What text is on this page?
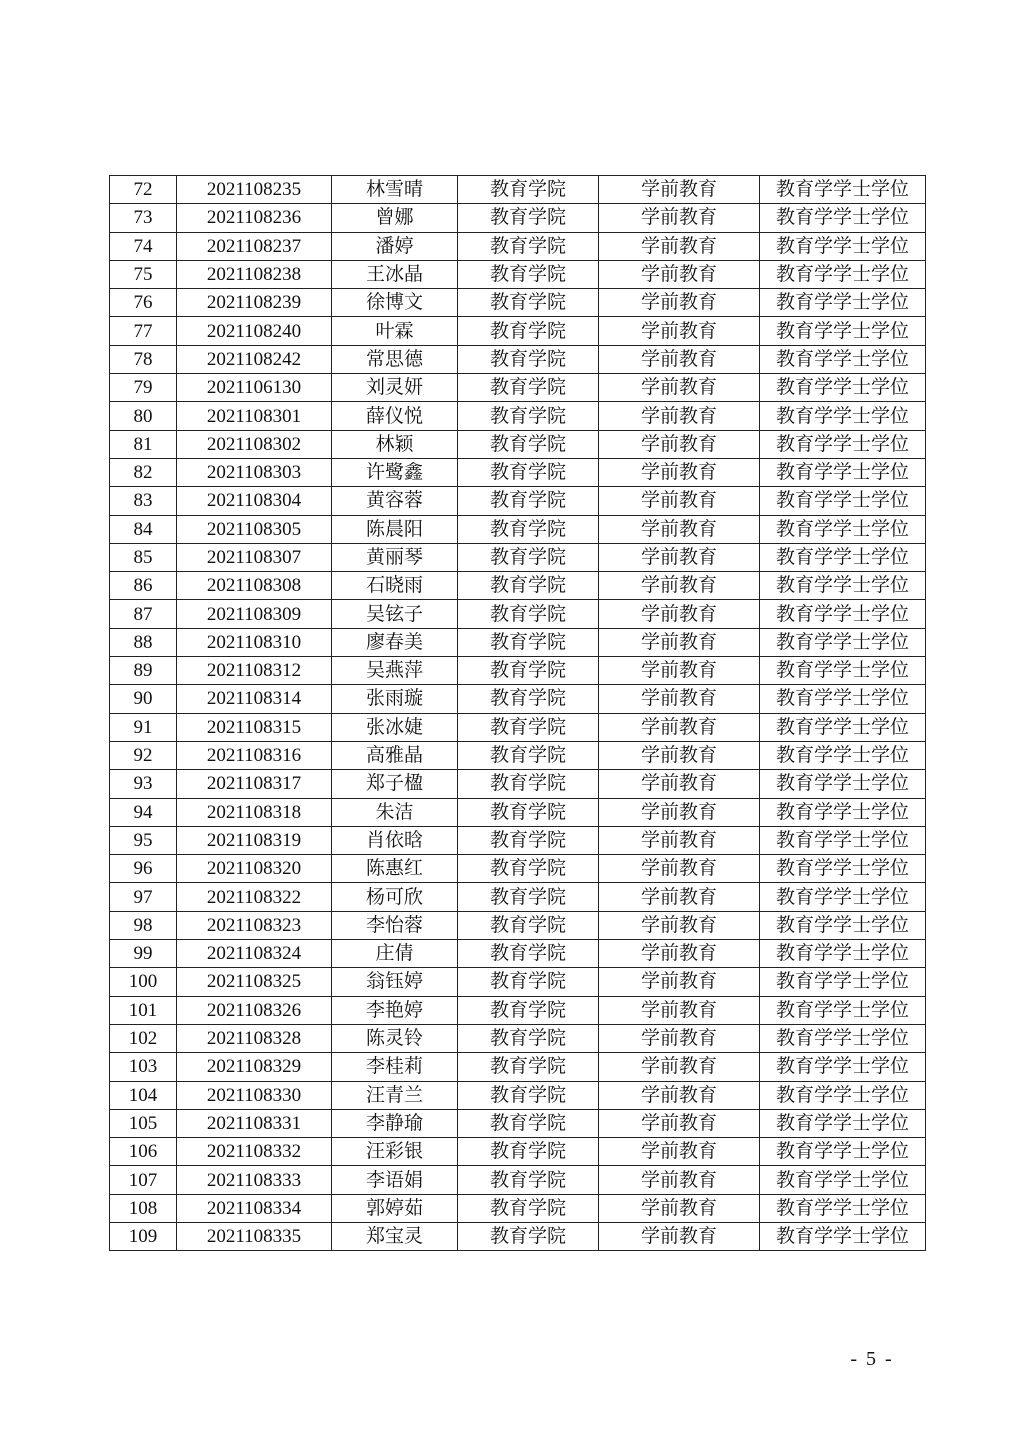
72	2021108235	林雪晴	教育学院	学前教育	教育学学士学位
73	2021108236	曾娜	教育学院	学前教育	教育学学士学位
74	2021108237	潘婷	教育学院	学前教育	教育学学士学位
75	2021108238	王冰晶	教育学院	学前教育	教育学学士学位
76	2021108239	徐博文	教育学院	学前教育	教育学学士学位
77	2021108240	叶霖	教育学院	学前教育	教育学学士学位
78	2021108242	常思德	教育学院	学前教育	教育学学士学位
79	2021106130	刘灵妍	教育学院	学前教育	教育学学士学位
80	2021108301	薛仪悦	教育学院	学前教育	教育学学士学位
81	2021108302	林颖	教育学院	学前教育	教育学学士学位
82	2021108303	许鹭鑫	教育学院	学前教育	教育学学士学位
83	2021108304	黄容蓉	教育学院	学前教育	教育学学士学位
84	2021108305	陈晨阳	教育学院	学前教育	教育学学士学位
85	2021108307	黄丽琴	教育学院	学前教育	教育学学士学位
86	2021108308	石晓雨	教育学院	学前教育	教育学学士学位
87	2021108309	吴铉子	教育学院	学前教育	教育学学士学位
88	2021108310	廖春美	教育学院	学前教育	教育学学士学位
89	2021108312	吴燕萍	教育学院	学前教育	教育学学士学位
90	2021108314	张雨璇	教育学院	学前教育	教育学学士学位
91	2021108315	张冰婕	教育学院	学前教育	教育学学士学位
92	2021108316	高雅晶	教育学院	学前教育	教育学学士学位
93	2021108317	郑子楹	教育学院	学前教育	教育学学士学位
94	2021108318	朱洁	教育学院	学前教育	教育学学士学位
95	2021108319	肖依晗	教育学院	学前教育	教育学学士学位
96	2021108320	陈惠红	教育学院	学前教育	教育学学士学位
97	2021108322	杨可欣	教育学院	学前教育	教育学学士学位
98	2021108323	李怡蓉	教育学院	学前教育	教育学学士学位
99	2021108324	庄倩	教育学院	学前教育	教育学学士学位
100	2021108325	翁钰婷	教育学院	学前教育	教育学学士学位
101	2021108326	李艳婷	教育学院	学前教育	教育学学士学位
102	2021108328	陈灵铃	教育学院	学前教育	教育学学士学位
103	2021108329	李桂莉	教育学院	学前教育	教育学学士学位
104	2021108330	汪青兰	教育学院	学前教育	教育学学士学位
105	2021108331	李静瑜	教育学院	学前教育	教育学学士学位
106	2021108332	汪彩银	教育学院	学前教育	教育学学士学位
107	2021108333	李语娟	教育学院	学前教育	教育学学士学位
108	2021108334	郭婷茹	教育学院	学前教育	教育学学士学位
109	2021108335	郑宝灵	教育学院	学前教育	教育学学士学位
- 5 -
